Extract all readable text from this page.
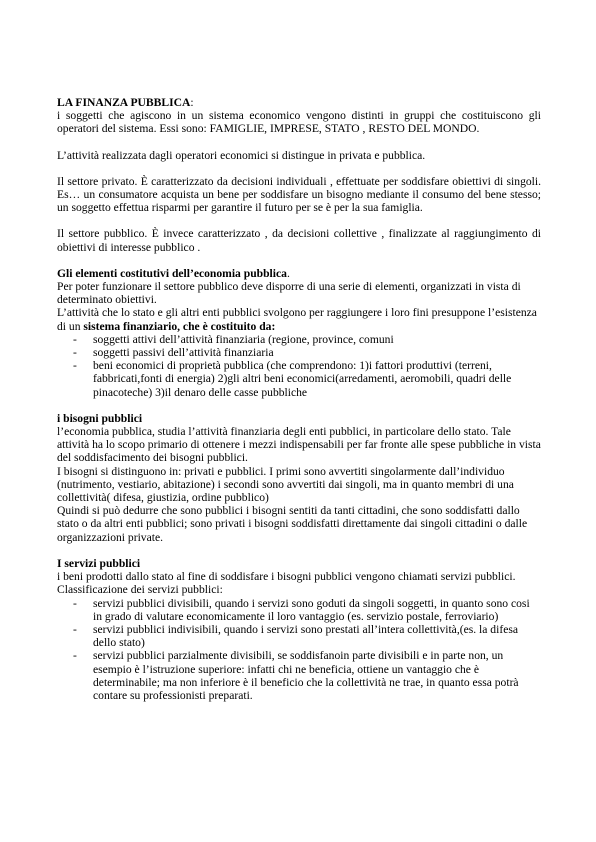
LA FINANZA PUBBLICA:
i soggetti che agiscono in un sistema economico vengono distinti in gruppi che costituiscono gli operatori del sistema. Essi sono: FAMIGLIE, IMPRESE, STATO , RESTO DEL MONDO.

L’attività realizzata dagli operatori economici si distingue in privata e pubblica.

Il settore privato. È caratterizzato da decisioni individuali , effettuate per soddisfare obiettivi di singoli. Es… un consumatore acquista un bene per soddisfare un bisogno mediante il consumo del bene stesso; un soggetto effettua risparmi per garantire il futuro per se è per la sua famiglia.

Il settore pubblico. È invece caratterizzato , da decisioni collettive , finalizzate al raggiungimento di obiettivi di interesse pubblico .

Gli elementi costitutivi dell’economia pubblica.

Per poter funzionare il settore pubblico deve disporre di una serie di elementi, organizzati in vista di determinato obiettivi.

L’attività che lo stato e gli altri enti pubblici svolgono per raggiungere i loro fini presuppone l’esistenza di un sistema finanziario, che è costituito da:

- soggetti attivi dell’attività finanziaria (regione, province, comuni
- soggetti passivi dell’attività finanziaria
- beni economici di proprietà pubblica (che comprendono: 1)i fattori produttivi (terreni, fabbricati,fonti di energia) 2)gli altri beni economici(arredamenti, aeromobili, quadri delle pinacoteche) 3)il denaro delle casse pubbliche

i bisogni pubblici

l’economia pubblica, studia l’attività finanziaria degli enti pubblici, in particolare dello stato. Tale attività ha lo scopo primario di ottenere i mezzi indispensabili per far fronte alle spese pubbliche in vista del soddisfacimento dei bisogni pubblici.

I bisogni si distinguono in: privati e pubblici. I primi sono avvertiti singolarmente dall’individuo (nutrimento, vestiario, abitazione) i secondi sono avvertiti dai singoli, ma in quanto membri di una collettività( difesa, giustizia, ordine pubblico)

Quindi si può dedurre che sono pubblici i bisogni sentiti da tanti cittadini, che sono soddisfatti dallo stato o da altri enti pubblici; sono privati i bisogni soddisfatti direttamente dai singoli cittadini o dalle organizzazioni private.

I servizi pubblici

i beni prodotti dallo stato al fine di soddisfare i bisogni pubblici vengono chiamati servizi pubblici.

Classificazione dei servizi pubblici:

- servizi pubblici divisibili, quando i servizi sono goduti da singoli soggetti, in quanto sono cosi in grado di valutare economicamente il loro vantaggio (es. servizio postale, ferroviario)
- servizi pubblici indivisibili, quando i servizi sono prestati all’intera collettività,(es. la difesa dello stato)
- servizi pubblici parzialmente divisibili, se soddisfanoin parte divisibili e in parte non, un esempio è l’istruzione superiore: infatti chi ne beneficia, ottiene un vantaggio che è determinabile; ma non inferiore è il beneficio che la collettività ne trae, in quanto essa potrà contare su professionisti preparati.
